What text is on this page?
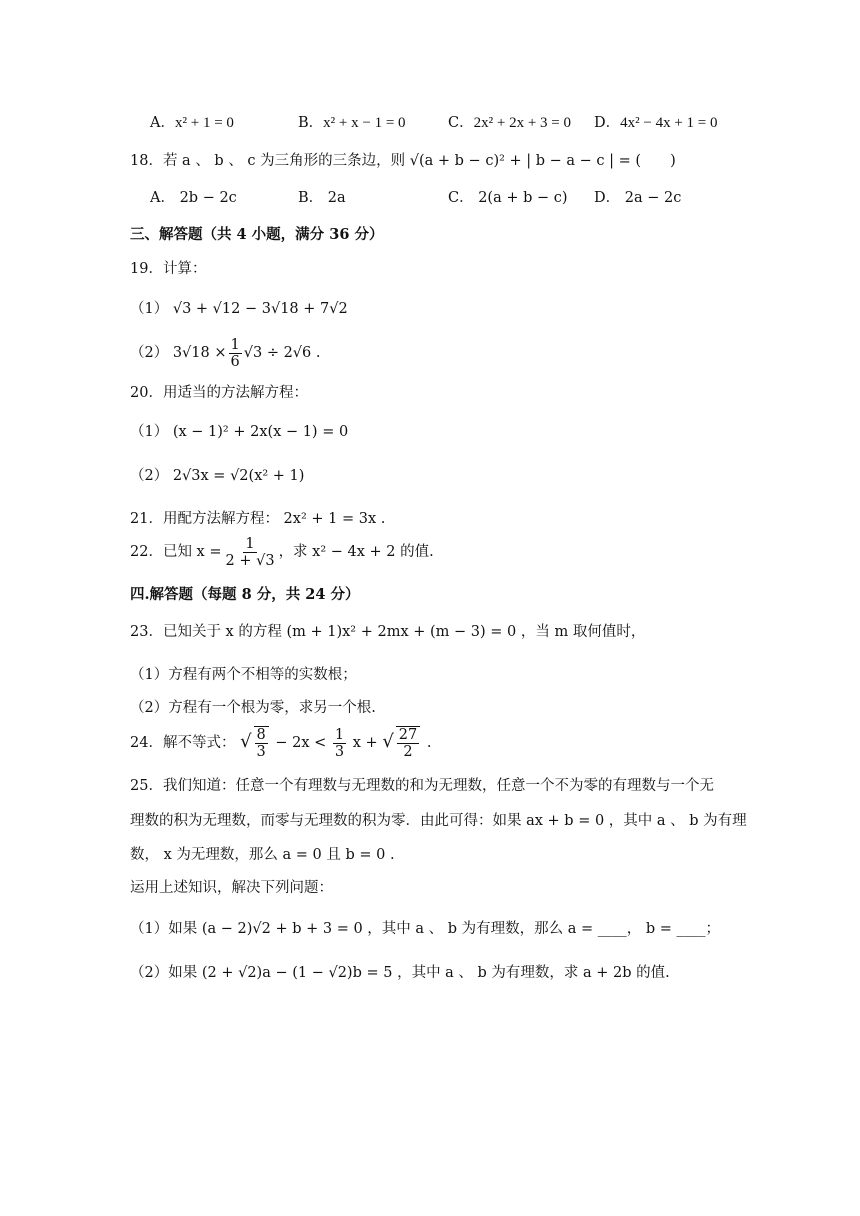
A．x² + 1 = 0	B．x² + x − 1 = 0	C．2x² + 2x + 3 = 0 D．4x² − 4x + 1 = 0
18．若 a 、 b 、 c 为三角形的三条边，则 √(a + b − c)² + | b − a − c | = (　　)
A． 2b − 2c	B． 2a	C． 2(a + b − c) D． 2a − 2c
三、解答题（共 4 小题，满分 36 分）
19．计算：
（1） √3 + √12 − 3√18 + 7√2
（2） $3√18 \times \frac{1}{6} √3 \div 2√6$ .
20．用适当的方法解方程：
（1） (x − 1)² + 2x(x − 1) = 0
（2） 2√3x = √2(x² + 1)
21．用配方法解方程： 2x² + 1 = 3x .
22．已知 $x = \frac{1}{2 + √3}$ ，求 x² − 4x + 2 的值.
四.解答题（每题 8 分，共 24 分）
23．已知关于 x 的方程 (m + 1)x² + 2mx + (m − 3) = 0 ，当 m 取何值时，
（1）方程有两个不相等的实数根；
（2）方程有一个根为零，求另一个根.
24．解不等式： √ $\frac{8}{3} - 2x < \frac{1}{3}$ x + √ $\frac{27}{2}$ .
25．我们知道：任意一个有理数与无理数的和为无理数，任意一个不为零的有理数与一个无
理数的积为无理数，而零与无理数的积为零．由此可得：如果 ax + b = 0 ，其中 a 、 b 为有理
数， x 为无理数，那么 a = 0 且 b = 0 .
运用上述知识，解决下列问题：
（1）如果 (a − 2)√2 + b + 3 = 0 ，其中 a 、 b 为有理数，那么 a = ____， b = ____；
（2）如果 (2 + √2)a − (1 − √2)b = 5 ，其中 a 、 b 为有理数，求 a + 2b 的值.
